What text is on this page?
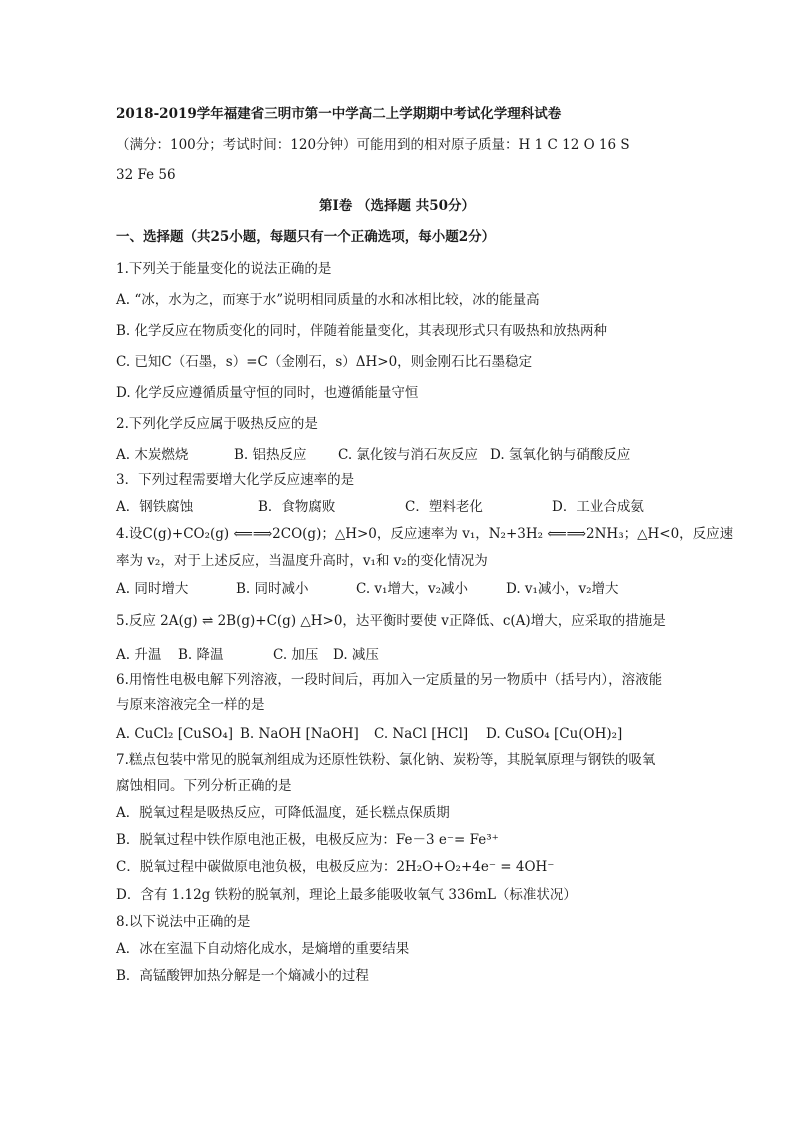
2018-2019学年福建省三明市第一中学高二上学期期中考试化学理科试卷
（满分：100分；考试时间：120分钟）可能用到的相对原子质量：H 1 C 12 O 16 S
32 Fe 56
第Ⅰ卷 （选择题 共50分）
一、选择题（共25小题，每题只有一个正确选项，每小题2分）
1.下列关于能量变化的说法正确的是
A. “冰，水为之，而寒于水”说明相同质量的水和冰相比较，冰的能量高
B. 化学反应在物质变化的同时，伴随着能量变化，其表现形式只有吸热和放热两种
C. 已知C（石墨，s）=C（金刚石，s）ΔH>0，则金刚石比石墨稳定
D. 化学反应遵循质量守恒的同时，也遵循能量守恒
2.下列化学反应属于吸热反应的是
A. 木炭燃烧	B. 铝热反应 C. 氯化铵与消石灰反应 D. 氢氧化钠与硝酸反应
3．下列过程需要增大化学反应速率的是
A．钢铁腐蚀	B．食物腐败	C．塑料老化	D．工业合成氨
4.设C(g)+CO₂(g) ⟸⟹2CO(g)；△H>0，反应速率为 v₁，N₂+3H₂ ⟸⟹2NH₃；△H<0，反应速
率为 v₂，对于上述反应，当温度升高时，v₁和 v₂的变化情况为
A. 同时增大	B. 同时减小	C. v₁增大，v₂减小	D. v₁减小，v₂增大
5.反应 2A(g) ⇌ 2B(g)+C(g) △H>0，达平衡时要使 v正降低、c(A)增大，应采取的措施是
A. 升温 B. 降温	C. 加压 D. 减压
6.用惰性电极电解下列溶液，一段时间后，再加入一定质量的另一物质中（括号内），溶液能
与原来溶液完全一样的是
A. CuCl₂ [CuSO₄] B. NaOH [NaOH] C. NaCl [HCl] D. CuSO₄ [Cu(OH)₂]
7.糕点包装中常见的脱氧剂组成为还原性铁粉、氯化钠、炭粉等，其脱氧原理与钢铁的吸氧
腐蚀相同。下列分析正确的是
A．脱氧过程是吸热反应，可降低温度，延长糕点保质期
B．脱氧过程中铁作原电池正极，电极反应为：Fe－3 e⁻= Fe³⁺
C．脱氧过程中碳做原电池负极，电极反应为：2H₂O+O₂+4e⁻ = 4OH⁻
D．含有 1.12g 铁粉的脱氧剂，理论上最多能吸收氧气 336mL（标准状况）
8.以下说法中正确的是
A．冰在室温下自动熔化成水，是熵增的重要结果
B．高锰酸钾加热分解是一个熵减小的过程
